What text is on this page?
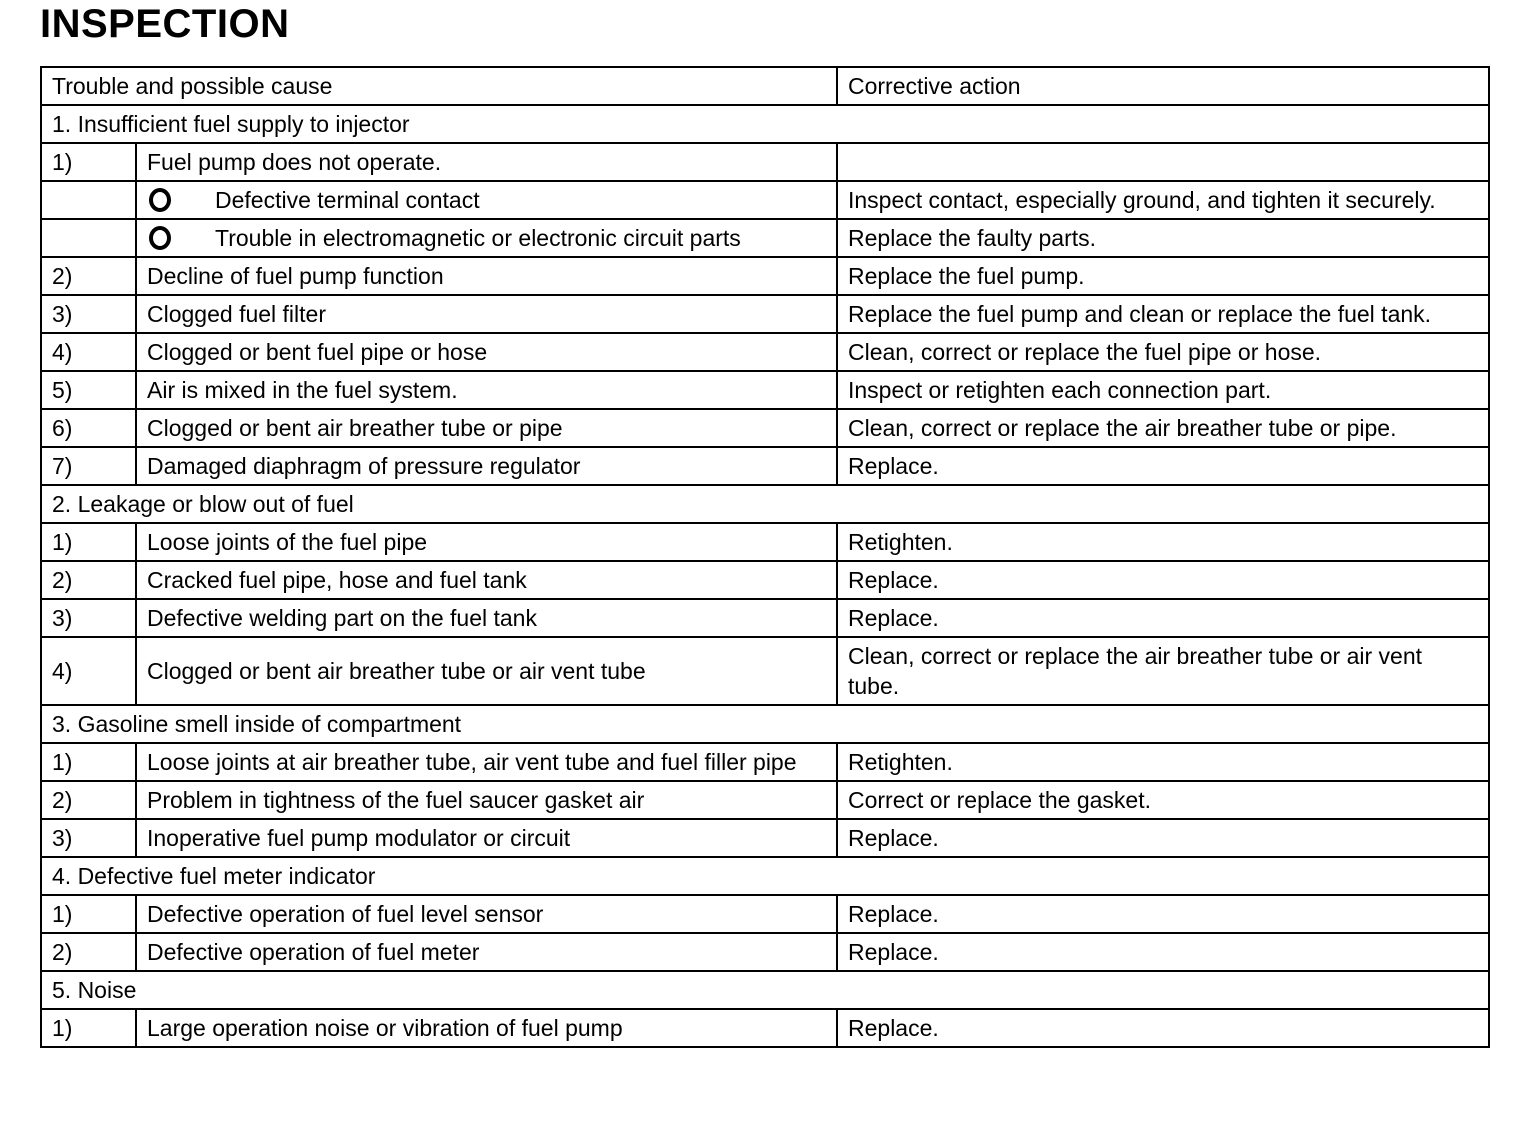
INSPECTION
Trouble and possible cause		Corrective action
1. Insufficient fuel supply to injector		
1)	Fuel pump does not operate.	

	Defective terminal contact	Inspect contact, especially ground, and tighten it securely.

	Trouble in electromagnetic or electronic circuit parts	Replace the faulty parts.
2)	Decline of fuel pump function	Replace the fuel pump.
3)	Clogged fuel filter	Replace the fuel pump and clean or replace the fuel tank.
4)	Clogged or bent fuel pipe or hose	Clean, correct or replace the fuel pipe or hose.
5)	Air is mixed in the fuel system.	Inspect or retighten each connection part.
6)	Clogged or bent air breather tube or pipe	Clean, correct or replace the air breather tube or pipe.
7)	Damaged diaphragm of pressure regulator	Replace.
2. Leakage or blow out of fuel		
1)	Loose joints of the fuel pipe	Retighten.
2)	Cracked fuel pipe, hose and fuel tank	Replace.
3)	Defective welding part on the fuel tank	Replace.
4)	Clogged or bent air breather tube or air vent tube	Clean, correct or replace the air breather tube or air vent tube.
3. Gasoline smell inside of compartment		
1)	Loose joints at air breather tube, air vent tube and fuel filler pipe	Retighten.
2)	Problem in tightness of the fuel saucer gasket air	Correct or replace the gasket.
3)	Inoperative fuel pump modulator or circuit	Replace.
4. Defective fuel meter indicator		
1)	Defective operation of fuel level sensor	Replace.
2)	Defective operation of fuel meter	Replace.
5. Noise		
1)	Large operation noise or vibration of fuel pump	Replace.
